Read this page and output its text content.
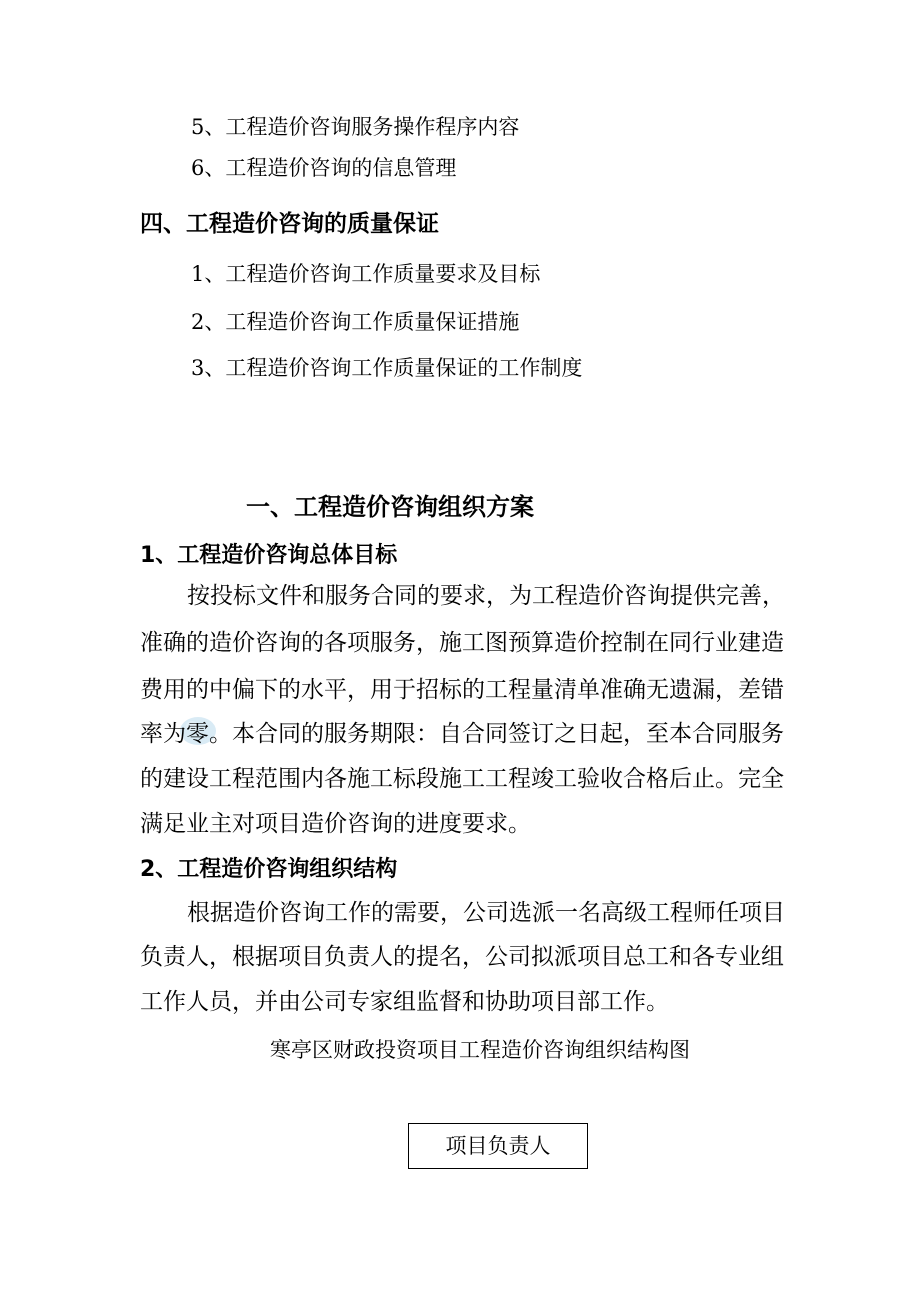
5、工程造价咨询服务操作程序内容
6、工程造价咨询的信息管理
四、工程造价咨询的质量保证
1、工程造价咨询工作质量要求及目标
2、工程造价咨询工作质量保证措施
3、工程造价咨询工作质量保证的工作制度
一、工程造价咨询组织方案
1、工程造价咨询总体目标
按投标文件和服务合同的要求，为工程造价咨询提供完善，
准确的造价咨询的各项服务，施工图预算造价控制在同行业建造
费用的中偏下的水平，用于招标的工程量清单准确无遗漏，差错
率为零。本合同的服务期限：自合同签订之日起，至本合同服务
的建设工程范围内各施工标段施工工程竣工验收合格后止。完全
满足业主对项目造价咨询的进度要求。
2、工程造价咨询组织结构
根据造价咨询工作的需要，公司选派一名高级工程师任项目
负责人，根据项目负责人的提名，公司拟派项目总工和各专业组
工作人员，并由公司专家组监督和协助项目部工作。
寒亭区财政投资项目工程造价咨询组织结构图
项目负责人
